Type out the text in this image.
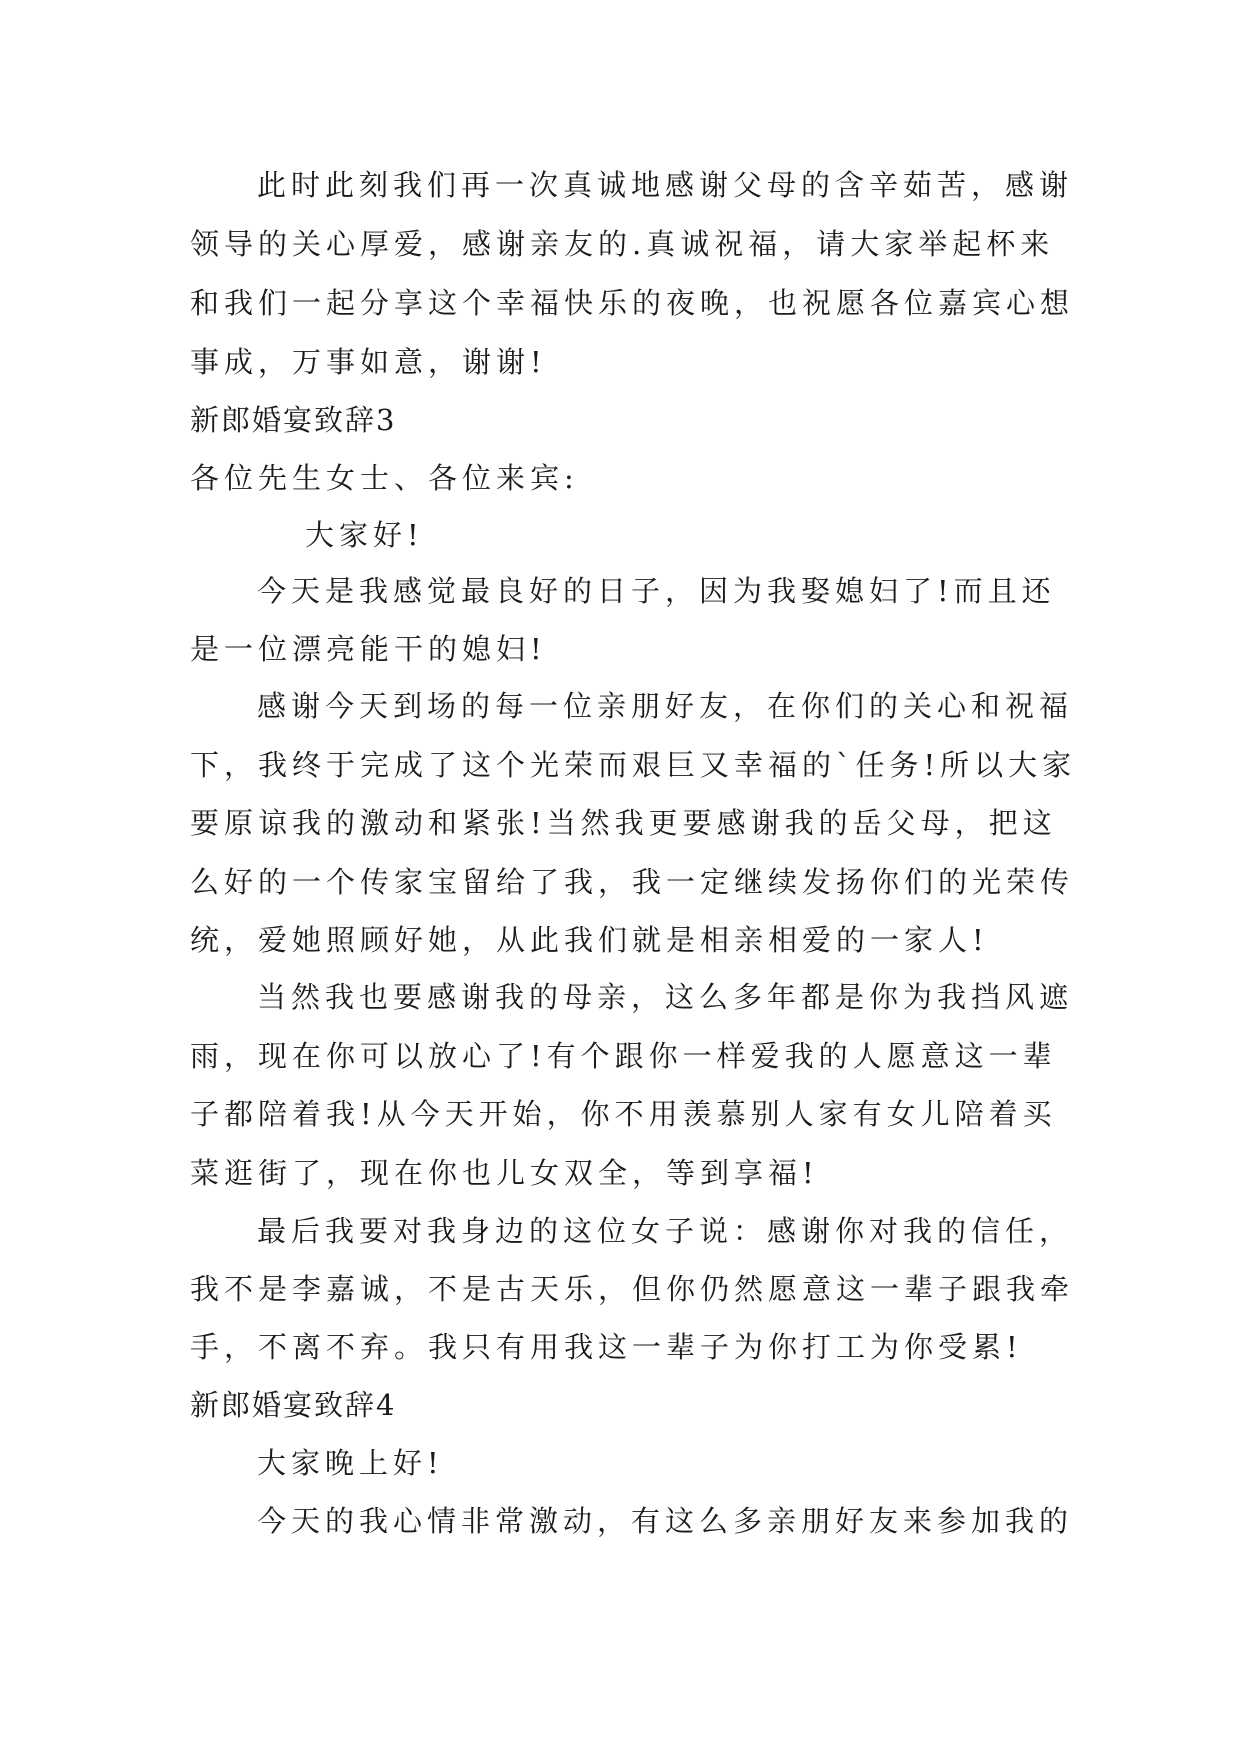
此时此刻我们再一次真诚地感谢父母的含辛茹苦，感谢

领导的关心厚爱，感谢亲友的.真诚祝福，请大家举起杯来

和我们一起分享这个幸福快乐的夜晚，也祝愿各位嘉宾心想

事成，万事如意，谢谢!

新郎婚宴致辞3

各位先生女士、各位来宾:

大家好!

今天是我感觉最良好的日子，因为我娶媳妇了!而且还

是一位漂亮能干的媳妇!

感谢今天到场的每一位亲朋好友，在你们的关心和祝福

下，我终于完成了这个光荣而艰巨又幸福的`任务!所以大家

要原谅我的激动和紧张!当然我更要感谢我的岳父母，把这

么好的一个传家宝留给了我，我一定继续发扬你们的光荣传

统，爱她照顾好她，从此我们就是相亲相爱的一家人!

当然我也要感谢我的母亲，这么多年都是你为我挡风遮

雨，现在你可以放心了!有个跟你一样爱我的人愿意这一辈

子都陪着我!从今天开始，你不用羡慕别人家有女儿陪着买

菜逛街了，现在你也儿女双全，等到享福!

最后我要对我身边的这位女子说：感谢你对我的信任，

我不是李嘉诚，不是古天乐，但你仍然愿意这一辈子跟我牵

手，不离不弃。我只有用我这一辈子为你打工为你受累!

新郎婚宴致辞4

大家晚上好!

今天的我心情非常激动，有这么多亲朋好友来参加我的
